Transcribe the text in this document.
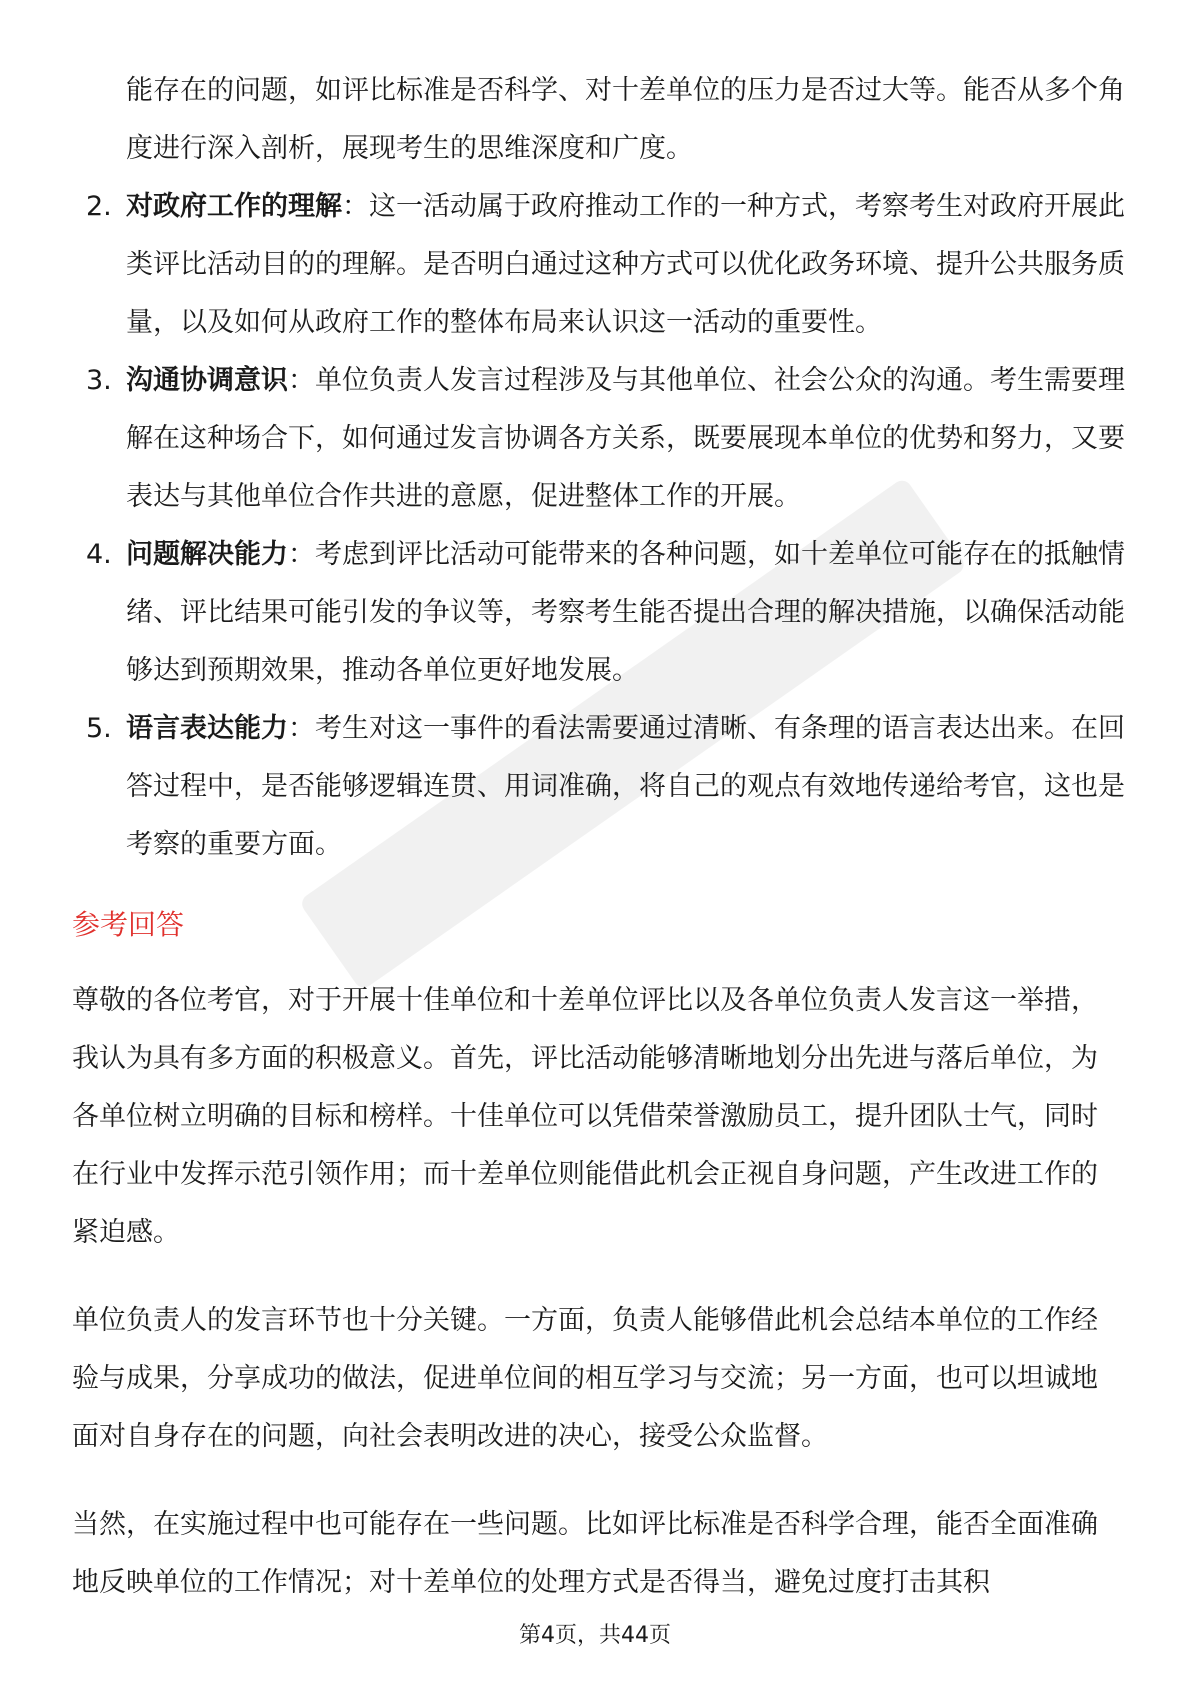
能存在的问题，如评比标准是否科学、对十差单位的压力是否过大等。能否从多个角度进行深入剖析，展现考生的思维深度和广度。

2. 对政府工作的理解：这一活动属于政府推动工作的一种方式，考察考生对政府开展此类评比活动目的的理解。是否明白通过这种方式可以优化政务环境、提升公共服务质量，以及如何从政府工作的整体布局来认识这一活动的重要性。
3. 沟通协调意识：单位负责人发言过程涉及与其他单位、社会公众的沟通。考生需要理解在这种场合下，如何通过发言协调各方关系，既要展现本单位的优势和努力，又要表达与其他单位合作共进的意愿，促进整体工作的开展。
4. 问题解决能力：考虑到评比活动可能带来的各种问题，如十差单位可能存在的抵触情绪、评比结果可能引发的争议等，考察考生能否提出合理的解决措施，以确保活动能够达到预期效果，推动各单位更好地发展。
5. 语言表达能力：考生对这一事件的看法需要通过清晰、有条理的语言表达出来。在回答过程中，是否能够逻辑连贯、用词准确，将自己的观点有效地传递给考官，这也是考察的重要方面。
参考回答

尊敬的各位考官，对于开展十佳单位和十差单位评比以及各单位负责人发言这一举措，我认为具有多方面的积极意义。首先，评比活动能够清晰地划分出先进与落后单位，为各单位树立明确的目标和榜样。十佳单位可以凭借荣誉激励员工，提升团队士气，同时在行业中发挥示范引领作用；而十差单位则能借此机会正视自身问题，产生改进工作的紧迫感。

单位负责人的发言环节也十分关键。一方面，负责人能够借此机会总结本单位的工作经验与成果，分享成功的做法，促进单位间的相互学习与交流；另一方面，也可以坦诚地面对自身存在的问题，向社会表明改进的决心，接受公众监督。

当然，在实施过程中也可能存在一些问题。比如评比标准是否科学合理，能否全面准确地反映单位的工作情况；对十差单位的处理方式是否得当，避免过度打击其积

第4页，共44页
